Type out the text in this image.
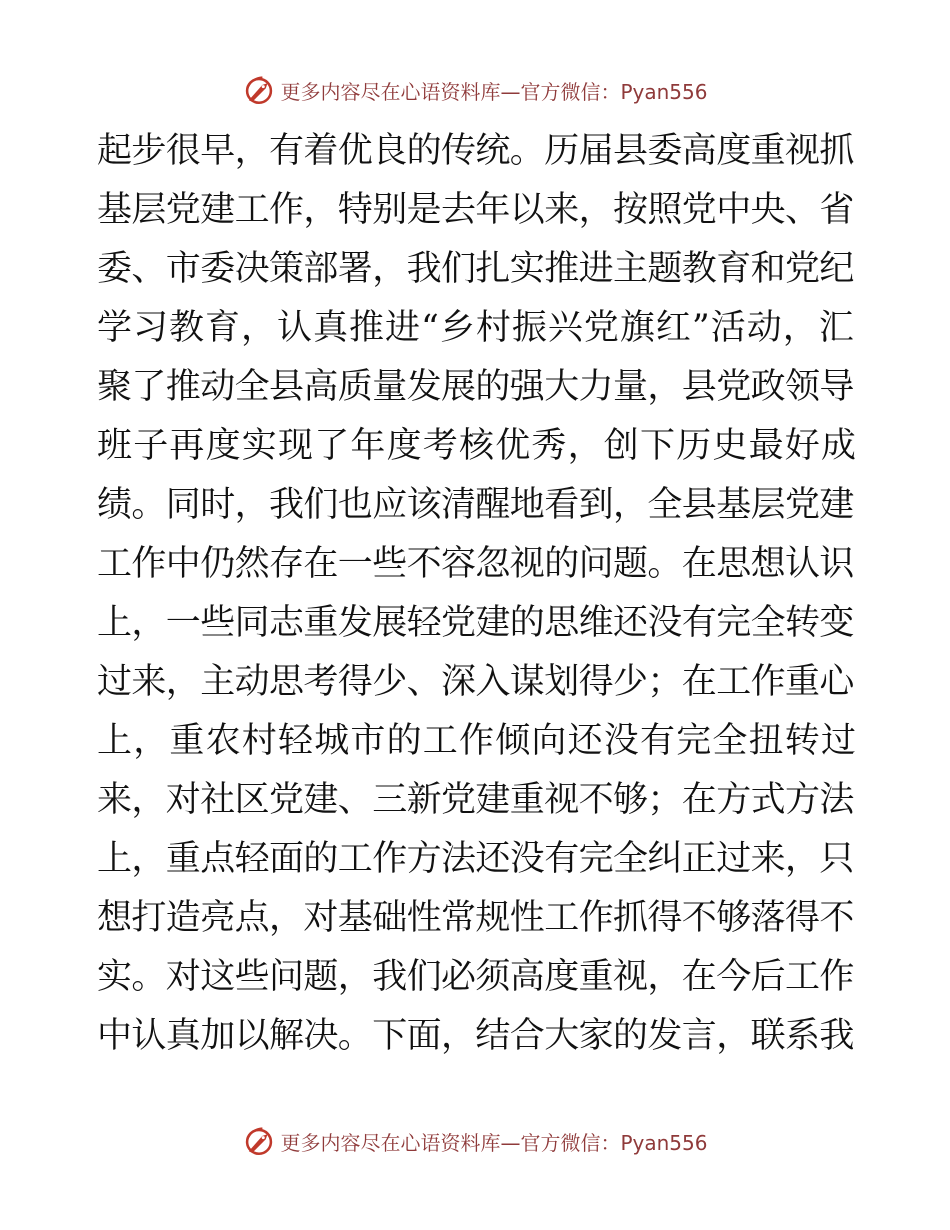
更多内容尽在心语资料库—官方微信：Pyan556
起步很早，有着优良的传统。历届县委高度重视抓
基层党建工作，特别是去年以来，按照党中央、省
委、市委决策部署，我们扎实推进主题教育和党纪
学习教育，认真推进“乡村振兴党旗红”活动，汇
聚了推动全县高质量发展的强大力量，县党政领导
班子再度实现了年度考核优秀，创下历史最好成
绩。同时，我们也应该清醒地看到，全县基层党建
工作中仍然存在一些不容忽视的问题。在思想认识
上，一些同志重发展轻党建的思维还没有完全转变
过来，主动思考得少、深入谋划得少；在工作重心
上，重农村轻城市的工作倾向还没有完全扭转过
来，对社区党建、三新党建重视不够；在方式方法
上，重点轻面的工作方法还没有完全纠正过来，只
想打造亮点，对基础性常规性工作抓得不够落得不
实。对这些问题，我们必须高度重视，在今后工作
中认真加以解决。下面，结合大家的发言，联系我
更多内容尽在心语资料库—官方微信：Pyan556
